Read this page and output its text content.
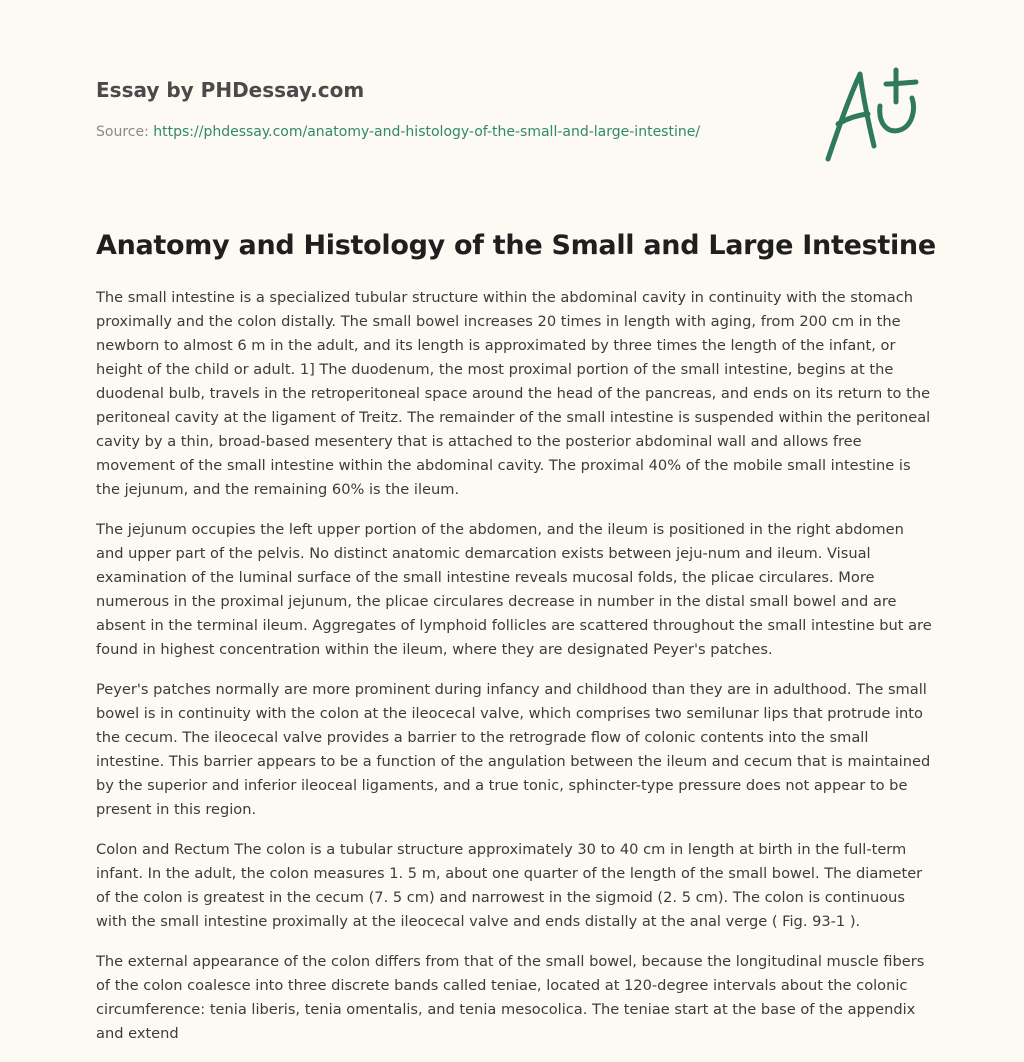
Essay by PHDessay.com
Source: https://phdessay.com/anatomy-and-histology-of-the-small-and-large-intestine/
Anatomy and Histology of the Small and Large Intestine

The small intestine is a specialized tubular structure within the abdominal cavity in continuity with the stomach proximally and the colon distally. The small bowel increases 20 times in length with aging, from 200 cm in the newborn to almost 6 m in the adult, and its length is approximated by three times the length of the infant, or height of the child or adult. 1] The duodenum, the most proximal portion of the small intestine, begins at the duodenal bulb, travels in the retroperitoneal space around the head of the pancreas, and ends on its return to the peritoneal cavity at the ligament of Treitz. The remainder of the small intestine is suspended within the peritoneal cavity by a thin, broad-based mesentery that is attached to the posterior abdominal wall and allows free movement of the small intestine within the abdominal cavity. The proximal 40% of the mobile small intestine is the jejunum, and the remaining 60% is the ileum.

The jejunum occupies the left upper portion of the abdomen, and the ileum is positioned in the right abdomen and upper part of the pelvis. No distinct anatomic demarcation exists between jeju-num and ileum. Visual examination of the luminal surface of the small intestine reveals mucosal folds, the plicae circulares. More numerous in the proximal jejunum, the plicae circulares decrease in number in the distal small bowel and are absent in the terminal ileum. Aggregates of lymphoid follicles are scattered throughout the small intestine but are found in highest concentration within the ileum, where they are designated Peyer's patches.

Peyer's patches normally are more prominent during infancy and childhood than they are in adulthood. The small bowel is in continuity with the colon at the ileocecal valve, which comprises two semilunar lips that protrude into the cecum. The ileocecal valve provides a barrier to the retrograde flow of colonic contents into the small intestine. This barrier appears to be a function of the angulation between the ileum and cecum that is maintained by the superior and inferior ileoceal ligaments, and a true tonic, sphincter-type pressure does not appear to be present in this region.

Colon and Rectum The colon is a tubular structure approximately 30 to 40 cm in length at birth in the full-term infant. In the adult, the colon measures 1. 5 m, about one quarter of the length of the small bowel. The diameter of the colon is greatest in the cecum (7. 5 cm) and narrowest in the sigmoid (2. 5 cm). The colon is continuous with the small intestine proximally at the ileocecal valve and ends distally at the anal verge ( Fig. 93-1 ).

The external appearance of the colon differs from that of the small bowel, because the longitudinal muscle fibers of the colon coalesce into three discrete bands called teniae, located at 120-degree intervals about the colonic circumference: tenia liberis, tenia omentalis, and tenia mesocolica. The teniae start at the base of the appendix and extend
